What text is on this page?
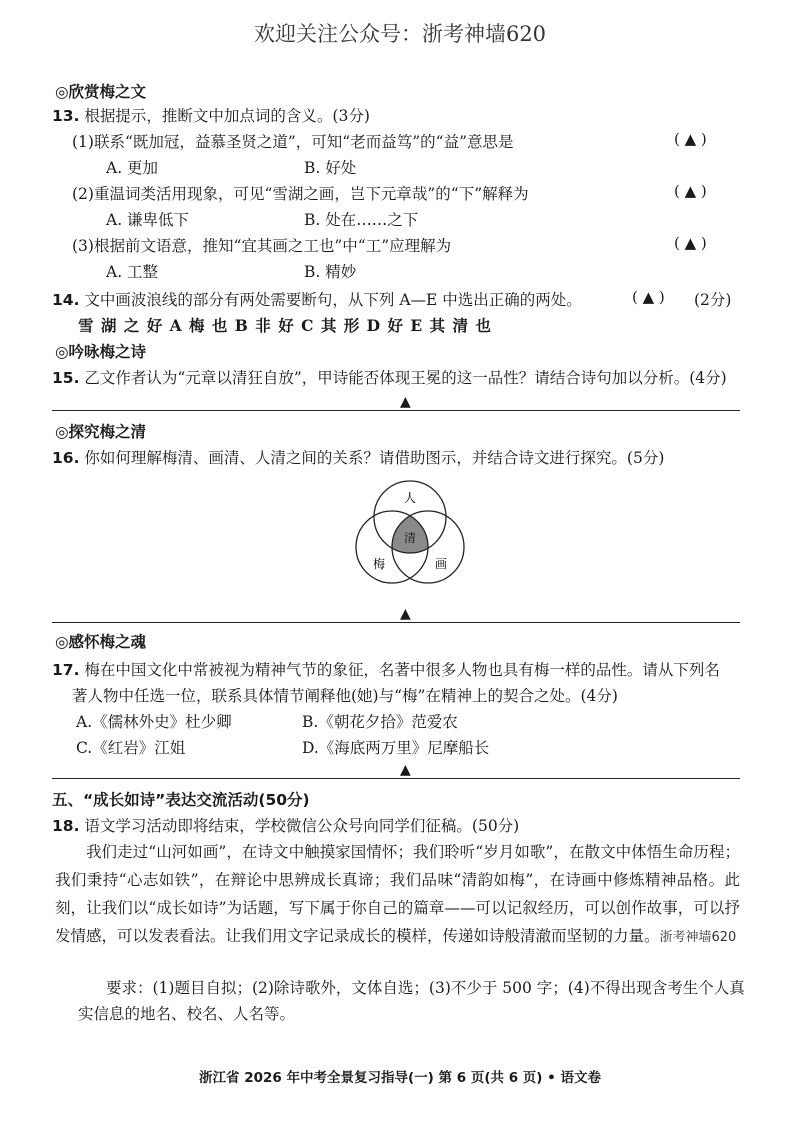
欢迎关注公众号：浙考神墙620
◎欣赏梅之文
13. 根据提示，推断文中加点词的含义。(3分)
(1)联系“既加冠，益慕圣贤之道”，可知“老而益笃”的“益”意思是	( ▲ )
A. 更加	B. 好处
(2)重温词类活用现象，可见“雪湖之画，岂下元章哉”的“下”解释为	( ▲ )
A. 谦卑低下	B. 处在……之下
(3)根据前文语意，推知“宜其画之工也”中“工”应理解为	( ▲ )
A. 工整	B. 精妙
14. 文中画波浪线的部分有两处需要断句，从下列 A—E 中选出正确的两处。	( ▲ ) (2分)
雪 湖 之 好 A 梅 也 B 非 好 C 其 形 D 好 E 其 清 也
◎吟咏梅之诗
15. 乙文作者认为“元章以清狂自放”，甲诗能否体现王冕的这一品性？请结合诗句加以分析。(4分)
▲
◎探究梅之清
16. 你如何理解梅清、画清、人清之间的关系？请借助图示，并结合诗文进行探究。(5分)
人
梅	画
清
▲
◎感怀梅之魂
17. 梅在中国文化中常被视为精神气节的象征，名著中很多人物也具有梅一样的品性。请从下列名
著人物中任选一位，联系具体情节阐释他(她)与“梅”在精神上的契合之处。(4分)
A.《儒林外史》杜少卿	B.《朝花夕拾》范爱农
C.《红岩》江姐	D.《海底两万里》尼摩船长
▲
五、“成长如诗”表达交流活动(50分)
18. 语文学习活动即将结束，学校微信公众号向同学们征稿。(50分)
我们走过“山河如画”，在诗文中触摸家国情怀；我们聆听“岁月如歌”，在散文中体悟生命历程；我们秉持“心志如铁”，在辩论中思辨成长真谛；我们品味“清韵如梅”，在诗画中修炼精神品格。此刻，让我们以“成长如诗”为话题，写下属于你自己的篇章——可以记叙经历，可以创作故事，可以抒发情感，可以发表看法。让我们用文字记录成长的模样，传递如诗般清澈而坚韧的力量。浙考神墙620
要求：(1)题目自拟；(2)除诗歌外，文体自选；(3)不少于 500 字；(4)不得出现含考生个人真
实信息的地名、校名、人名等。
浙江省 2026 年中考全景复习指导(一) 第 6 页(共 6 页) • 语文卷
